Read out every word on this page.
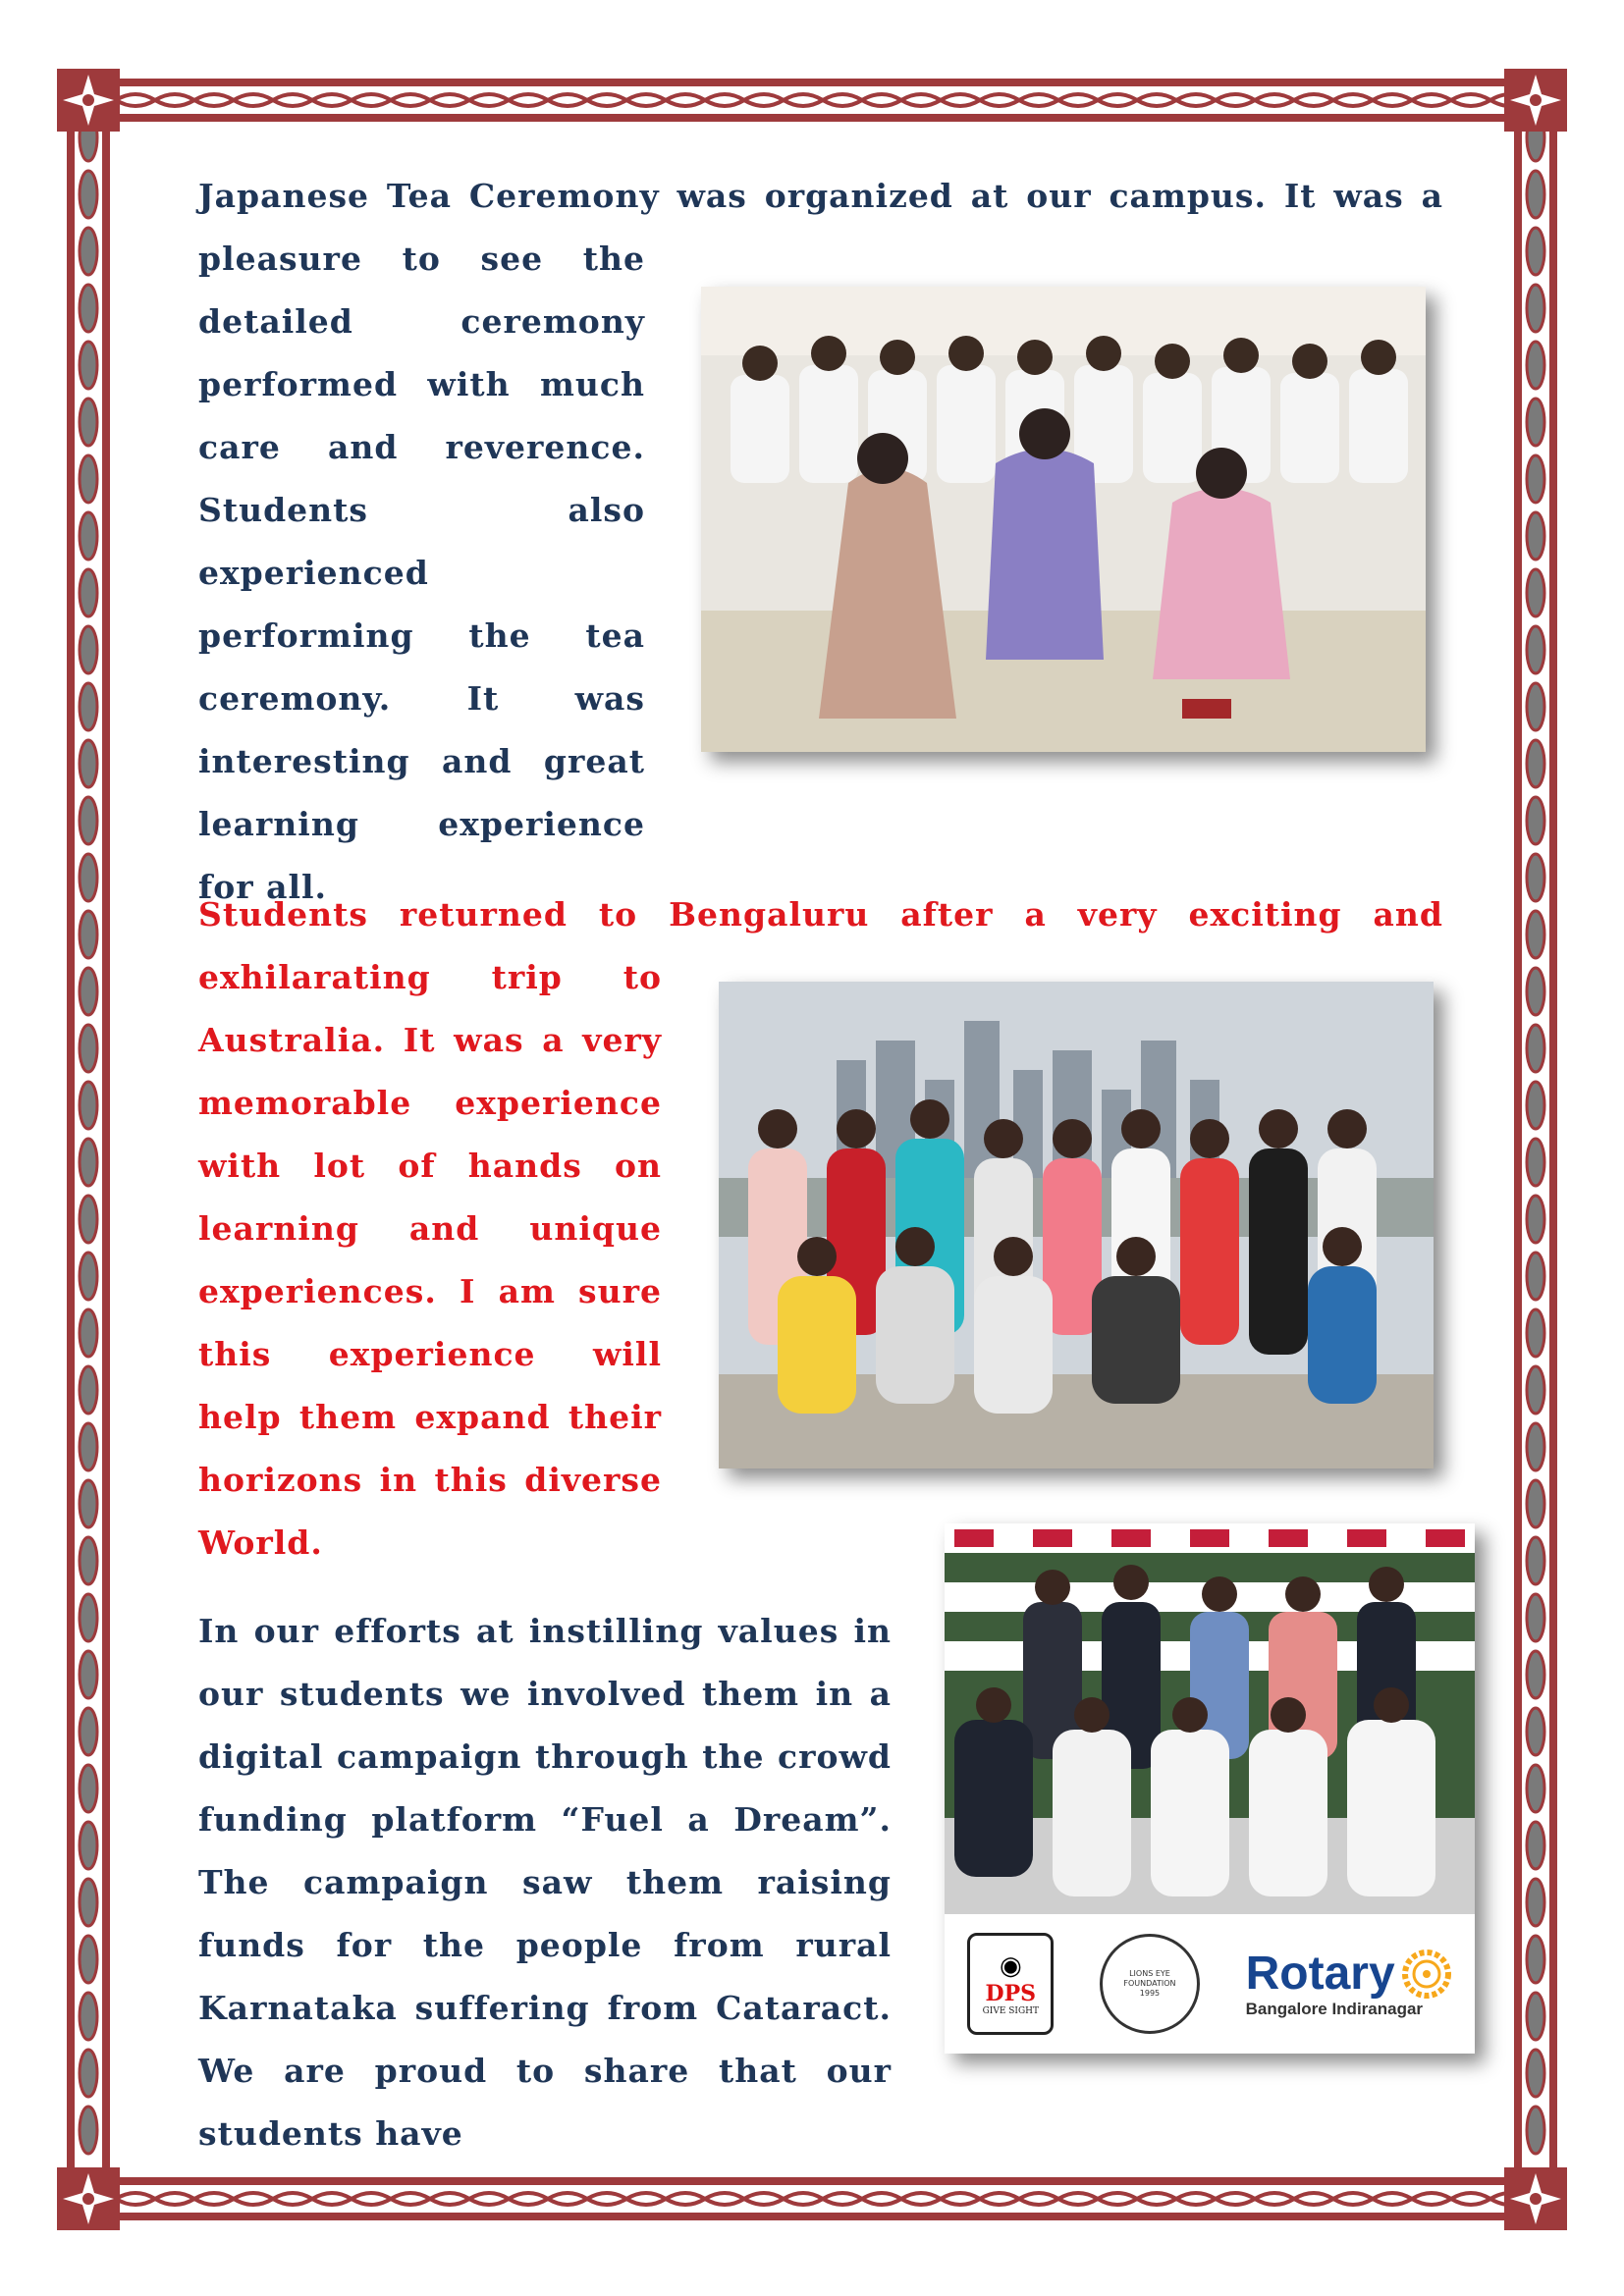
Japanese Tea Ceremony was organized at our campus. It was a

pleasure to see the detailed ceremony performed with much care and reverence. Students also experienced performing the tea ceremony. It was interesting and great learning experience for all.

Students returned to Bengaluru after a very exciting and

exhilarating trip to Australia. It was a very memorable experience with lot of hands on learning and unique experiences. I am sure this experience will help them expand their horizons in this diverse World.

In our efforts at instilling values in our students we involved them in a digital campaign through the crowd funding platform “Fuel a Dream”. The campaign saw them raising funds for the people from rural Karnataka suffering from Cataract. We are proud to share that our students have

◉
DPS
GIVE SIGHT
LIONS EYE FOUNDATION
1995	Rotary
Bangalore Indiranagar
